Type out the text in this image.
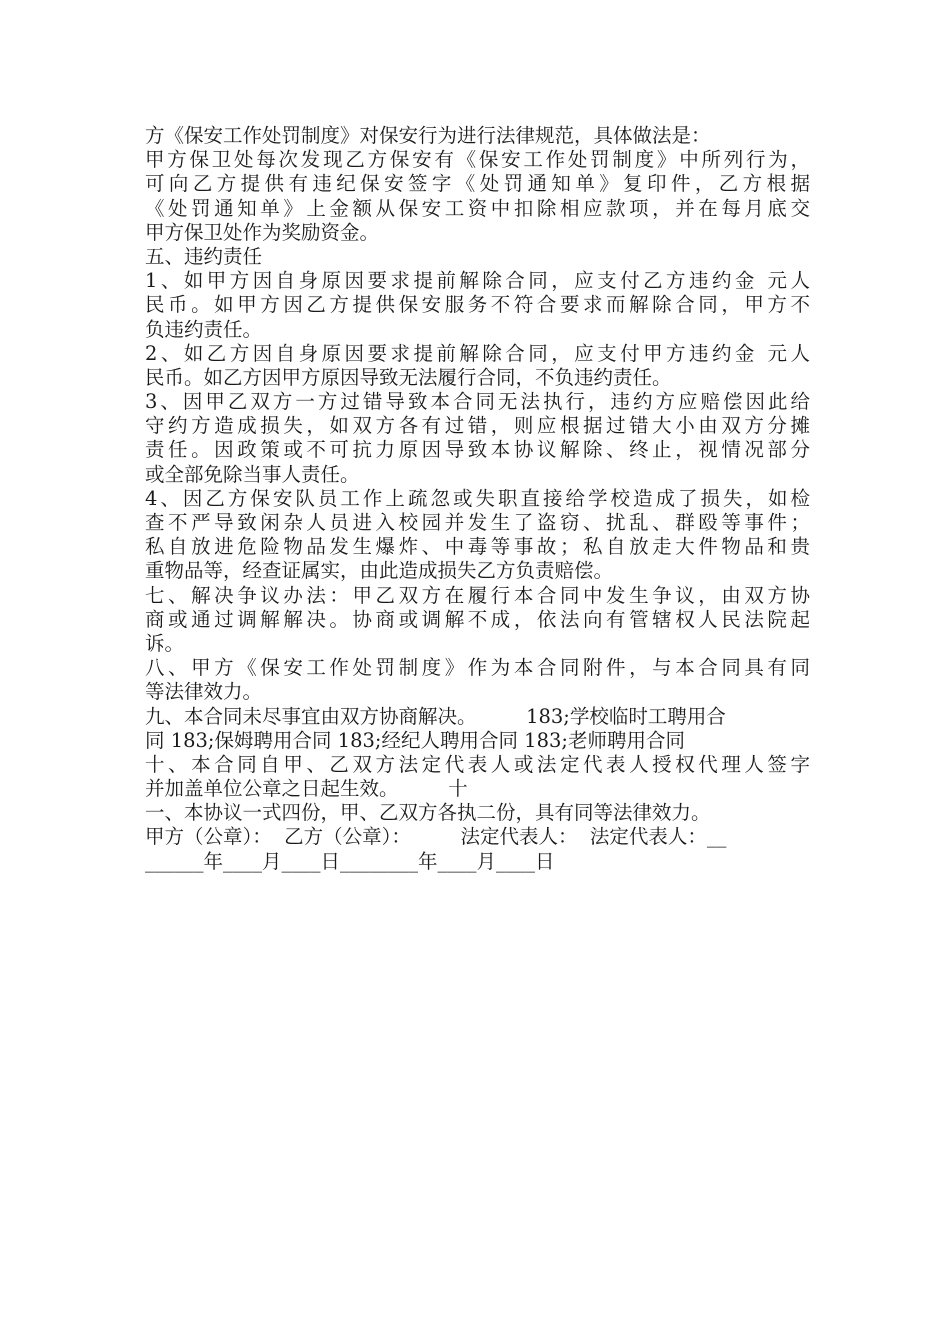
方《保安工作处罚制度》对保安行为进行法律规范，具体做法是：
甲方保卫处每次发现乙方保安有《保安工作处罚制度》中所列行为，
可向乙方提供有违纪保安签字《处罚通知单》复印件，乙方根据
《处罚通知单》上金额从保安工资中扣除相应款项，并在每月底交
甲方保卫处作为奖励资金。
五、违约责任
1、如甲方因自身原因要求提前解除合同，应支付乙方违约金 元人
民币。如甲方因乙方提供保安服务不符合要求而解除合同，甲方不
负违约责任。
2、如乙方因自身原因要求提前解除合同，应支付甲方违约金 元人
民币。如乙方因甲方原因导致无法履行合同，不负违约责任。
3、因甲乙双方一方过错导致本合同无法执行，违约方应赔偿因此给
守约方造成损失，如双方各有过错，则应根据过错大小由双方分摊
责任。因政策或不可抗力原因导致本协议解除、终止，视情况部分
或全部免除当事人责任。
4、因乙方保安队员工作上疏忽或失职直接给学校造成了损失，如检
查不严导致闲杂人员进入校园并发生了盗窃、扰乱、群殴等事件；
私自放进危险物品发生爆炸、中毒等事故；私自放走大件物品和贵
重物品等，经查证属实，由此造成损失乙方负责赔偿。
七、解决争议办法：甲乙双方在履行本合同中发生争议，由双方协
商或通过调解解决。协商或调解不成，依法向有管辖权人民法院起
诉。
八、甲方《保安工作处罚制度》作为本合同附件，与本合同具有同
等法律效力。
九、本合同未尽事宜由双方协商解决。        183;学校临时工聘用合
同 183;保姆聘用合同 183;经纪人聘用合同 183;老师聘用合同
十、本合同自甲、乙双方法定代表人或法定代表人授权代理人签字
并加盖单位公章之日起生效。        十
一、本协议一式四份，甲、乙双方各执二份，具有同等法律效力。
甲方（公章）：  乙方（公章）：        法定代表人：  法定代表人：__
______年____月____日________年____月____日
